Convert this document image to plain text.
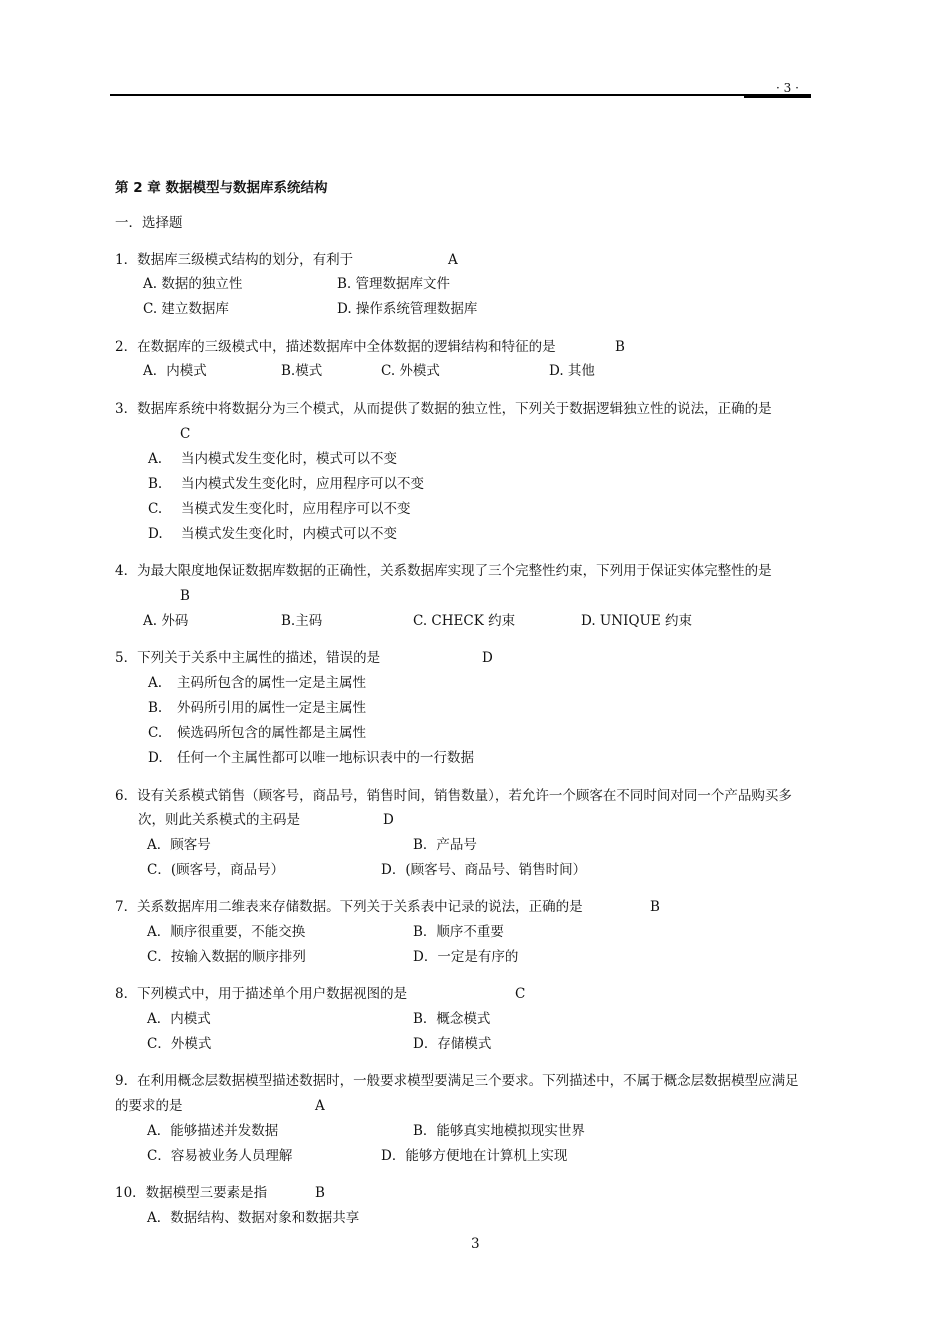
· 3 ·
第 2 章 数据模型与数据库系统结构
一．选择题
1．数据库三级模式结构的划分，有利于	A
A. 数据的独立性	B. 管理数据库文件
C. 建立数据库	D. 操作系统管理数据库
2．在数据库的三级模式中，描述数据库中全体数据的逻辑结构和特征的是	B
A．内模式	B.模式	C. 外模式	D. 其他
3．数据库系统中将数据分为三个模式，从而提供了数据的独立性，下列关于数据逻辑独立性的说法，正确的是
C
A. 当内模式发生变化时，模式可以不变
B. 当内模式发生变化时，应用程序可以不变
C. 当模式发生变化时，应用程序可以不变
D. 当模式发生变化时，内模式可以不变
4．为最大限度地保证数据库数据的正确性，关系数据库实现了三个完整性约束，下列用于保证实体完整性的是
B
A. 外码	B.主码	C. CHECK 约束	D. UNIQUE 约束
5．下列关于关系中主属性的描述，错误的是	D
A. 主码所包含的属性一定是主属性
B. 外码所引用的属性一定是主属性
C. 候选码所包含的属性都是主属性
D. 任何一个主属性都可以唯一地标识表中的一行数据
6．设有关系模式销售（顾客号，商品号，销售时间，销售数量），若允许一个顾客在不同时间对同一个产品购买多
次，则此关系模式的主码是	D
A．顾客号	B．产品号
C．(顾客号，商品号）	D．(顾客号、商品号、销售时间）
7．关系数据库用二维表来存储数据。下列关于关系表中记录的说法，正确的是	B
A．顺序很重要，不能交换	B．顺序不重要
C．按输入数据的顺序排列	D．一定是有序的
8．下列模式中，用于描述单个用户数据视图的是	C
A．内模式	B．概念模式
C．外模式	D．存储模式
9．在利用概念层数据模型描述数据时，一般要求模型要满足三个要求。下列描述中，不属于概念层数据模型应满足
的要求的是	A
A．能够描述并发数据	B．能够真实地模拟现实世界
C．容易被业务人员理解	D．能够方便地在计算机上实现
10．数据模型三要素是指	B
A．数据结构、数据对象和数据共享
3
